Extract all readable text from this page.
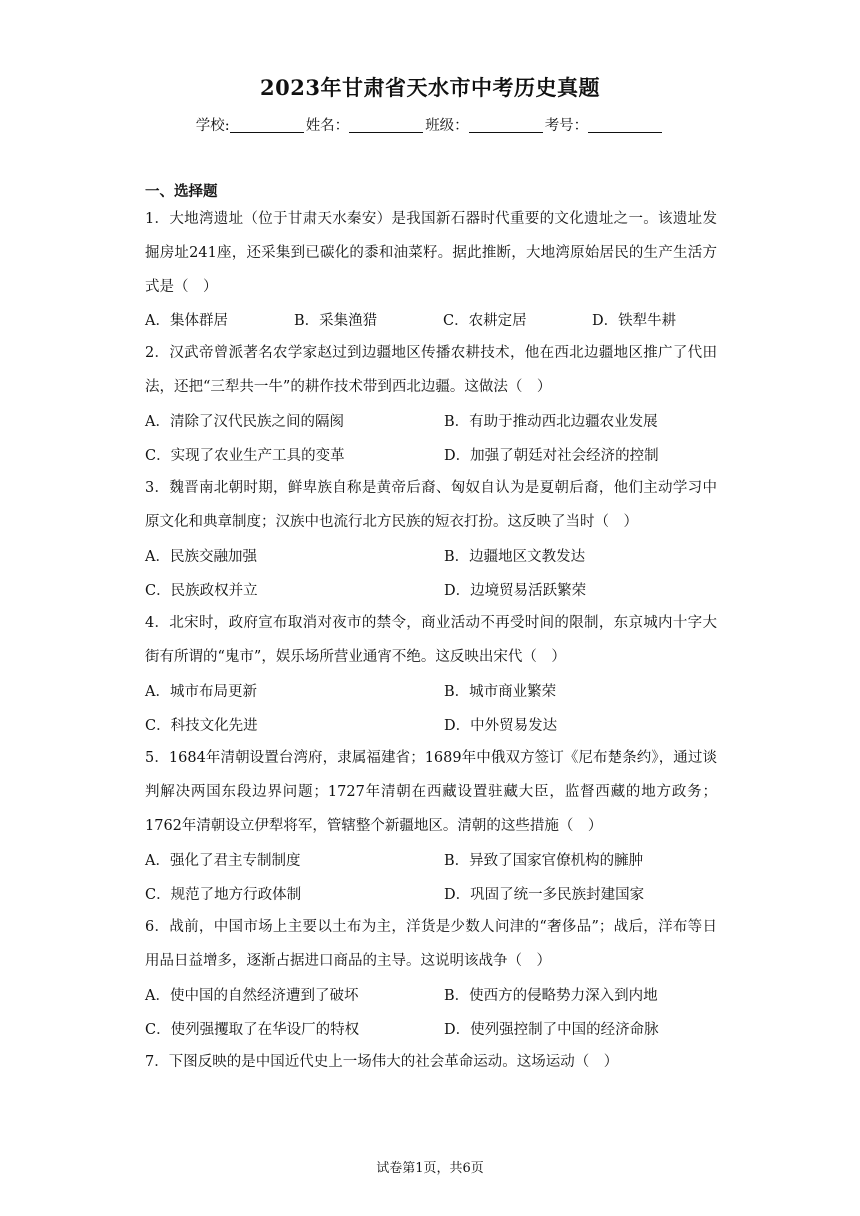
2023年甘肃省天水市中考历史真题
学校:	姓名：	班级：	考号：
一、选择题

1．大地湾遗址（位于甘肃天水秦安）是我国新石器时代重要的文化遗址之一。该遗址发掘房址241座，还采集到已碳化的黍和油菜籽。据此推断，大地湾原始居民的生产生活方式是（　）

A．集体群居	B．采集渔猎	C．农耕定居	D．铁犁牛耕

2．汉武帝曾派著名农学家赵过到边疆地区传播农耕技术，他在西北边疆地区推广了代田法，还把“三犁共一牛”的耕作技术带到西北边疆。这做法（　）

A．清除了汉代民族之间的隔阂	B．有助于推动西北边疆农业发展
C．实现了农业生产工具的变革	D．加强了朝廷对社会经济的控制

3．魏晋南北朝时期，鲜卑族自称是黄帝后裔、匈奴自认为是夏朝后裔，他们主动学习中原文化和典章制度；汉族中也流行北方民族的短衣打扮。这反映了当时（　）

A．民族交融加强	B．边疆地区文教发达
C．民族政权并立	D．边境贸易活跃繁荣

4．北宋时，政府宣布取消对夜市的禁令，商业活动不再受时间的限制，东京城内十字大街有所谓的“鬼市”，娱乐场所营业通宵不绝。这反映出宋代（　）

A．城市布局更新	B．城市商业繁荣
C．科技文化先进	D．中外贸易发达

5．1684年清朝设置台湾府，隶属福建省；1689年中俄双方签订《尼布楚条约》，通过谈判解决两国东段边界问题；1727年清朝在西藏设置驻藏大臣，监督西藏的地方政务；1762年清朝设立伊犁将军，管辖整个新疆地区。清朝的这些措施（　）

A．强化了君主专制制度	B．异致了国家官僚机构的臃肿
C．规范了地方行政体制	D．巩固了统一多民族封建国家

6．战前，中国市场上主要以土布为主，洋货是少数人问津的“奢侈品”；战后，洋布等日用品日益增多，逐渐占据进口商品的主导。这说明该战争（　）

A．使中国的自然经济遭到了破坏	B．使西方的侵略势力深入到内地
C．使列强攫取了在华设厂的特权	D．使列强控制了中国的经济命脉

7．下图反映的是中国近代史上一场伟大的社会革命运动。这场运动（　）

试卷第1页，共6页
